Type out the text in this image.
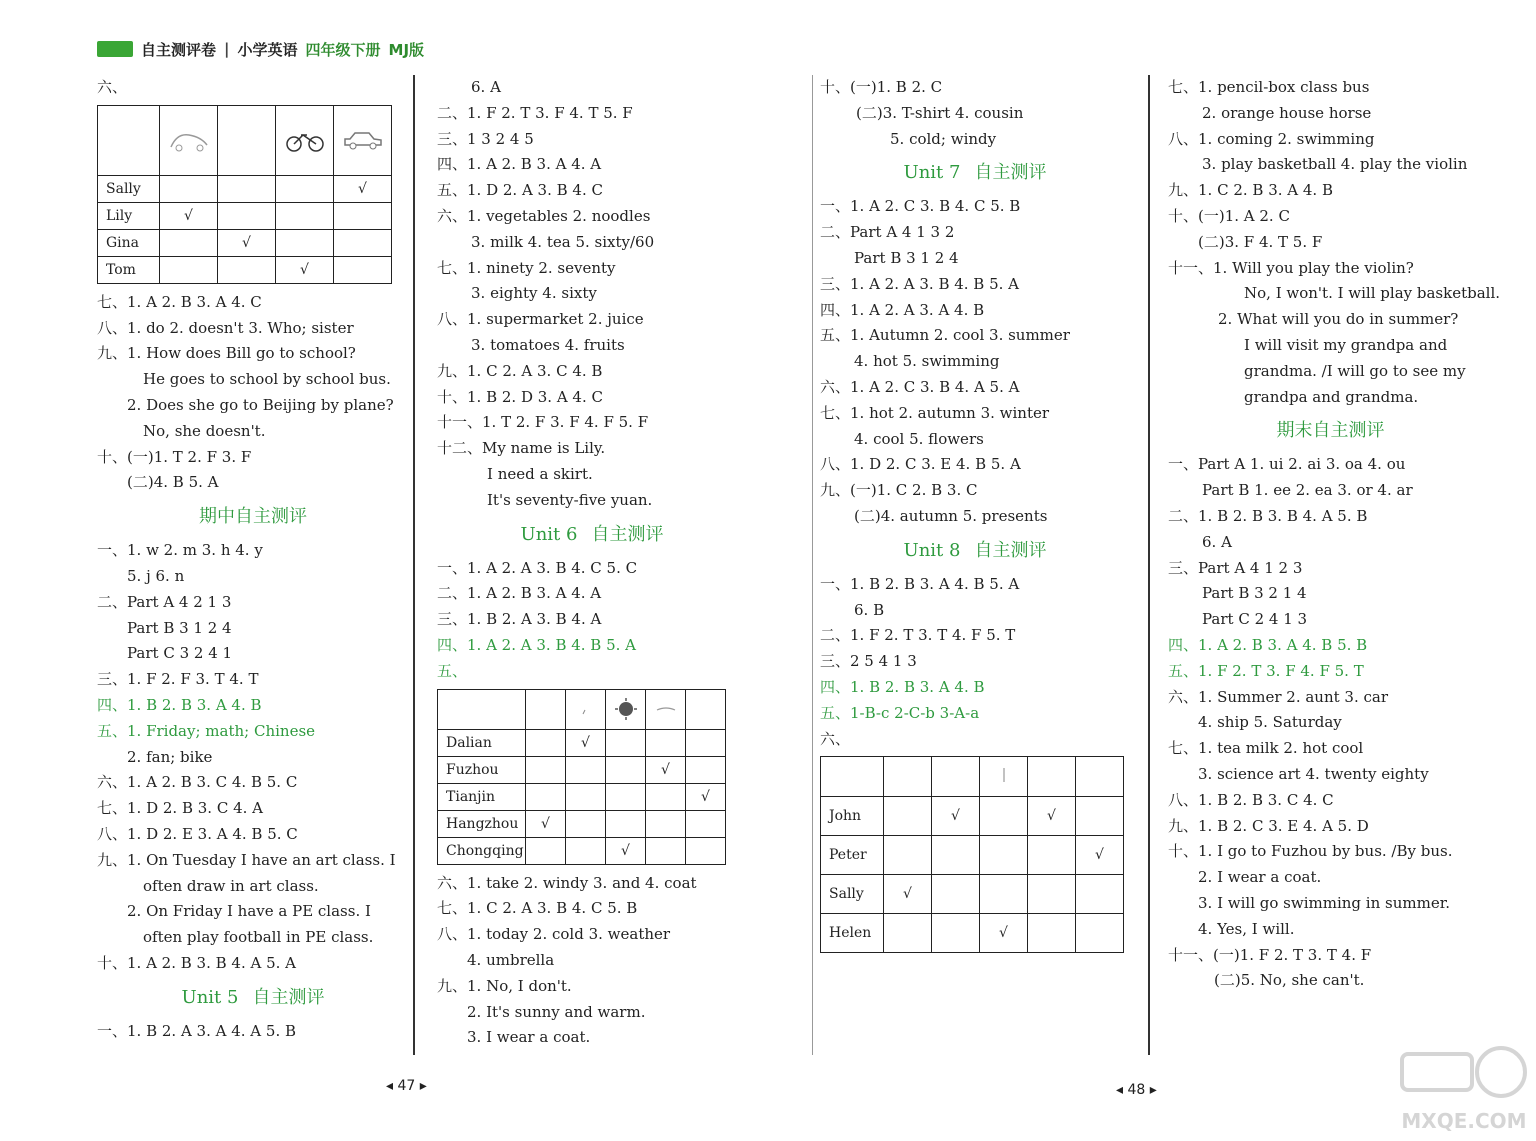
自主测评卷 | 小学英语 四年级下册 MJ版
六、

Sally				√
Lily	√			
Gina		√		
Tom			√	
七、1. A 2. B 3. A 4. C
八、1. do 2. doesn't 3. Who; sister
九、1. How does Bill go to school?
He goes to school by school bus.
2. Does she go to Beijing by plane?
No, she doesn't.
十、(一)1. T 2. F 3. F
(二)4. B 5. A
期中自主测评
一、1. w 2. m 3. h 4. y
5. j 6. n
二、Part A 4 2 1 3
Part B 3 1 2 4
Part C 3 2 4 1
三、1. F 2. F 3. T 4. T
四、1. B 2. B 3. A 4. B
五、1. Friday; math; Chinese
2. fan; bike
六、1. A 2. B 3. C 4. B 5. C
七、1. D 2. B 3. C 4. A
八、1. D 2. E 3. A 4. B 5. C
九、1. On Tuesday I have an art class. I
often draw in art class.
2. On Friday I have a PE class. I
often play football in PE class.
十、1. A 2. B 3. B 4. A 5. A
Unit 5 自主测评
一、1. B 2. A 3. A 4. A 5. B
6. A
二、1. F 2. T 3. F 4. T 5. F
三、1 3 2 4 5
四、1. A 2. B 3. A 4. A
五、1. D 2. A 3. B 4. C
六、1. vegetables 2. noodles
3. milk 4. tea 5. sixty/60
七、1. ninety 2. seventy
3. eighty 4. sixty
八、1. supermarket 2. juice
3. tomatoes 4. fruits
九、1. C 2. A 3. C 4. B
十、1. B 2. D 3. A 4. C
十一、1. T 2. F 3. F 4. F 5. F
十二、My name is Lily.
I need a skirt.
It's seventy-five yuan.
Unit 6 自主测评
一、1. A 2. A 3. B 4. C 5. C
二、1. A 2. B 3. A 4. A
三、1. B 2. A 3. B 4. A
四、1. A 2. A 3. B 4. B 5. A
五、

Dalian		√			
Fuzhou				√	
Tianjin					√
Hangzhou	√				
Chongqing			√		
六、1. take 2. windy 3. and 4. coat
七、1. C 2. A 3. B 4. C 5. B
八、1. today 2. cold 3. weather
4. umbrella
九、1. No, I don't.
2. It's sunny and warm.
3. I wear a coat.
十、(一)1. B 2. C
(二)3. T-shirt 4. cousin
5. cold; windy
Unit 7 自主测评
一、1. A 2. C 3. B 4. C 5. B
二、Part A 4 1 3 2
Part B 3 1 2 4
三、1. A 2. A 3. B 4. B 5. A
四、1. A 2. A 3. A 4. B
五、1. Autumn 2. cool 3. summer
4. hot 5. swimming
六、1. A 2. C 3. B 4. A 5. A
七、1. hot 2. autumn 3. winter
4. cool 5. flowers
八、1. D 2. C 3. E 4. B 5. A
九、(一)1. C 2. B 3. C
(二)4. autumn 5. presents
Unit 8 自主测评
一、1. B 2. B 3. A 4. B 5. A
6. B
二、1. F 2. T 3. T 4. F 5. T
三、2 5 4 1 3
四、1. B 2. B 3. A 4. B
五、1-B-c 2-C-b 3-A-a
六、

John		√		√	
Peter					√
Sally	√				
Helen			√		
七、1. pencil-box class bus
2. orange house horse
八、1. coming 2. swimming
3. play basketball 4. play the violin
九、1. C 2. B 3. A 4. B
十、(一)1. A 2. C
(二)3. F 4. T 5. F
十一、1. Will you play the violin?
No, I won't. I will play basketball.
2. What will you do in summer?
I will visit my grandpa and
grandma. /I will go to see my
grandpa and grandma.
期末自主测评
一、Part A 1. ui 2. ai 3. oa 4. ou
Part B 1. ee 2. ea 3. or 4. ar
二、1. B 2. B 3. B 4. A 5. B
6. A
三、Part A 4 1 2 3
Part B 3 2 1 4
Part C 2 4 1 3
四、1. A 2. B 3. A 4. B 5. B
五、1. F 2. T 3. F 4. F 5. T
六、1. Summer 2. aunt 3. car
4. ship 5. Saturday
七、1. tea milk 2. hot cool
3. science art 4. twenty eighty
八、1. B 2. B 3. C 4. C
九、1. B 2. C 3. E 4. A 5. D
十、1. I go to Fuzhou by bus. /By bus.
2. I wear a coat.
3. I will go swimming in summer.
4. Yes, I will.
十一、(一)1. F 2. T 3. T 4. F
(二)5. No, she can't.
◂ 47 ▸	◂ 48 ▸
MXQE.COM
